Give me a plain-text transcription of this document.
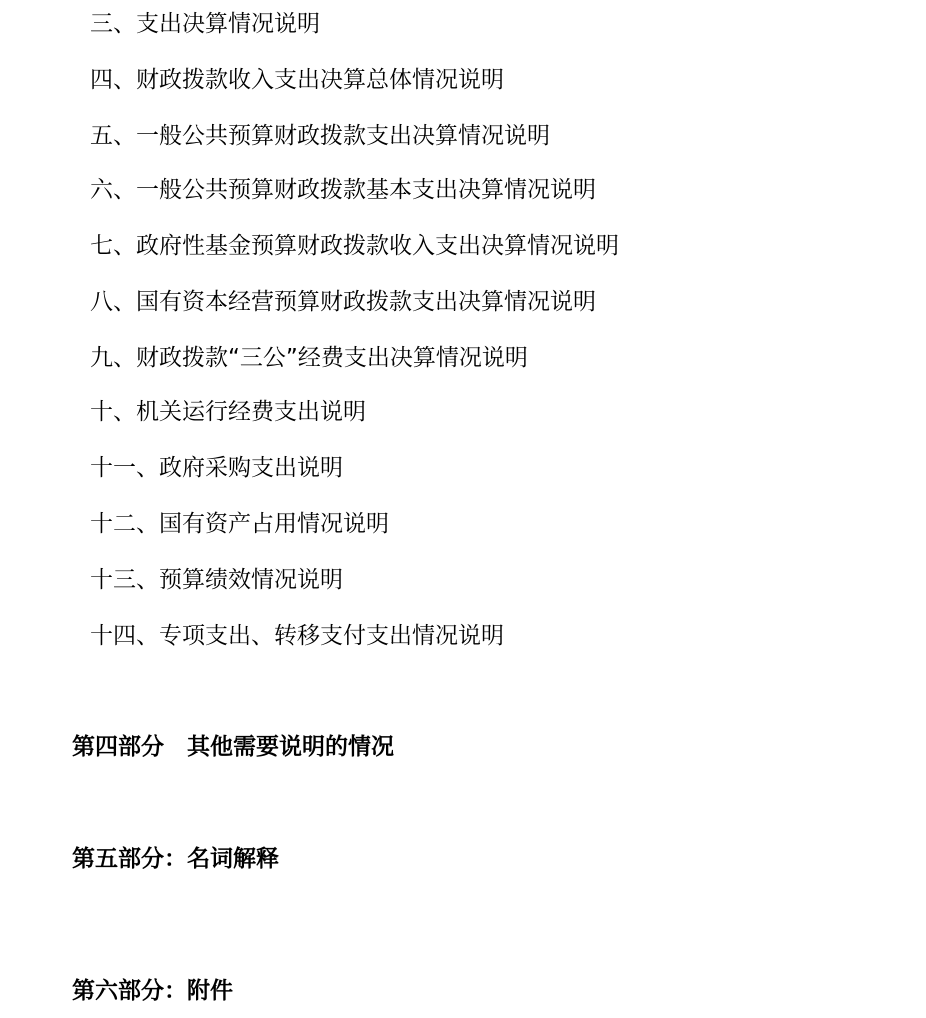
三、支出决算情况说明
四、财政拨款收入支出决算总体情况说明
五、一般公共预算财政拨款支出决算情况说明
六、一般公共预算财政拨款基本支出决算情况说明
七、政府性基金预算财政拨款收入支出决算情况说明
八、国有资本经营预算财政拨款支出决算情况说明
九、财政拨款“三公”经费支出决算情况说明
十、机关运行经费支出说明
十一、政府采购支出说明
十二、国有资产占用情况说明
十三、预算绩效情况说明
十四、专项支出、转移支付支出情况说明
第四部分　其他需要说明的情况
第五部分：名词解释
第六部分：附件
